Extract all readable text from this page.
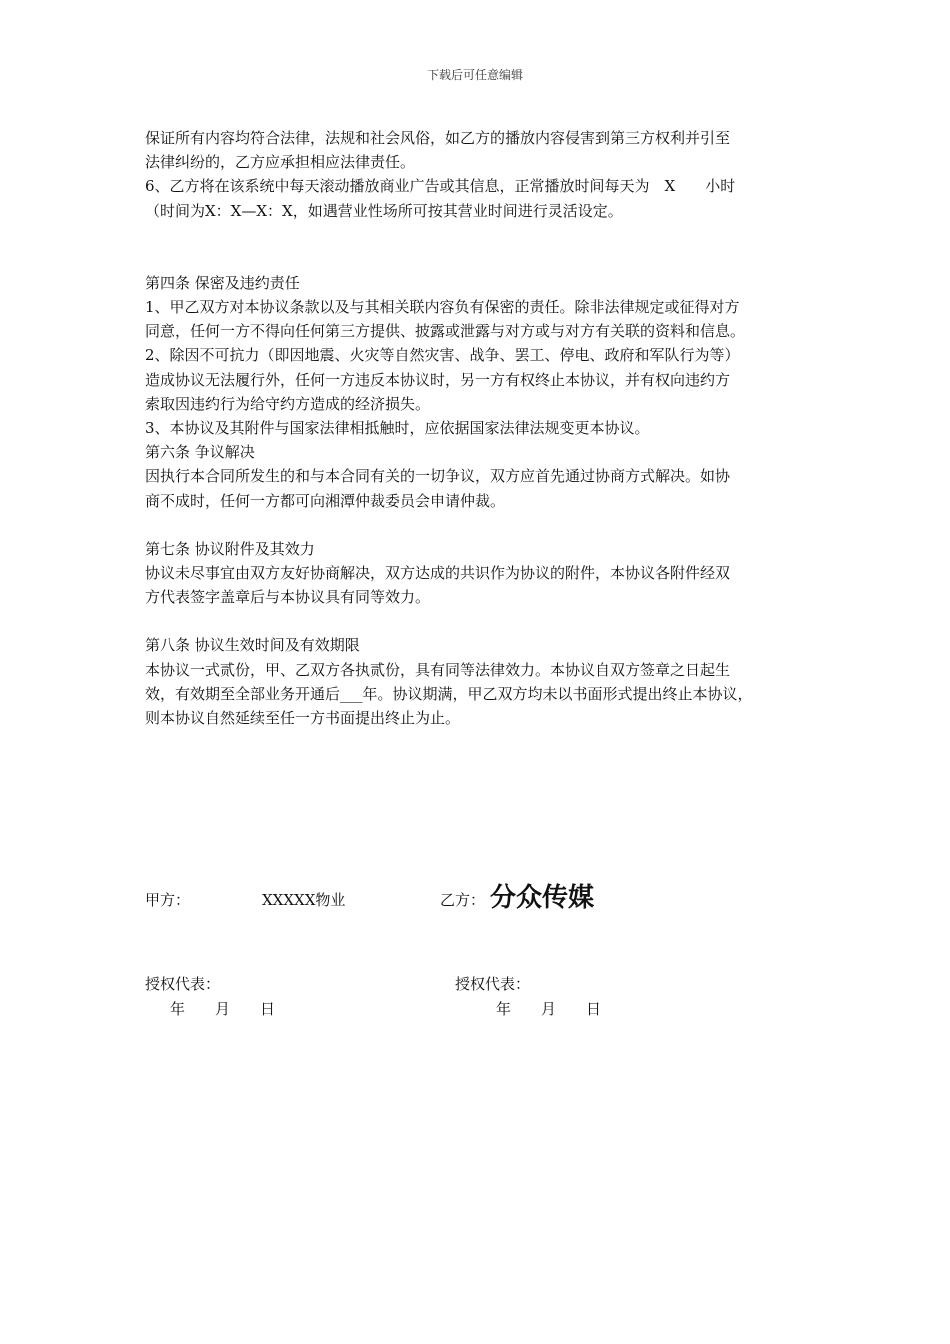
下载后可任意编辑

保证所有内容均符合法律，法规和社会风俗，如乙方的播放内容侵害到第三方权利并引至

法律纠纷的，乙方应承担相应法律责任。

6、乙方将在该系统中每天滚动播放商业广告或其信息，正常播放时间每天为　X　　小时

（时间为X：X—X：X，如遇营业性场所可按其营业时间进行灵活设定。

第四条 保密及违约责任

1、甲乙双方对本协议条款以及与其相关联内容负有保密的责任。除非法律规定或征得对方

同意，任何一方不得向任何第三方提供、披露或泄露与对方或与对方有关联的资料和信息。

2、除因不可抗力（即因地震、火灾等自然灾害、战争、罢工、停电、政府和军队行为等）

造成协议无法履行外，任何一方违反本协议时，另一方有权终止本协议，并有权向违约方

索取因违约行为给守约方造成的经济损失。

3、本协议及其附件与国家法律相抵触时，应依据国家法律法规变更本协议。

第六条 争议解决

因执行本合同所发生的和与本合同有关的一切争议，双方应首先通过协商方式解决。如协

商不成时，任何一方都可向湘潭仲裁委员会申请仲裁。

第七条 协议附件及其效力

协议未尽事宜由双方友好协商解决，双方达成的共识作为协议的附件，本协议各附件经双

方代表签字盖章后与本协议具有同等效力。

第八条 协议生效时间及有效期限

本协议一式贰份，甲、乙双方各执贰份，具有同等法律效力。本协议自双方签章之日起生

效，有效期至全部业务开通后___年。协议期满，甲乙双方均未以书面形式提出终止本协议，

则本协议自然延续至任一方书面提出终止为止。

甲方：	XXXXX物业	乙方： 分众传媒
授权代表：	授权代表：
年　　月　　日	年　　月　　日
